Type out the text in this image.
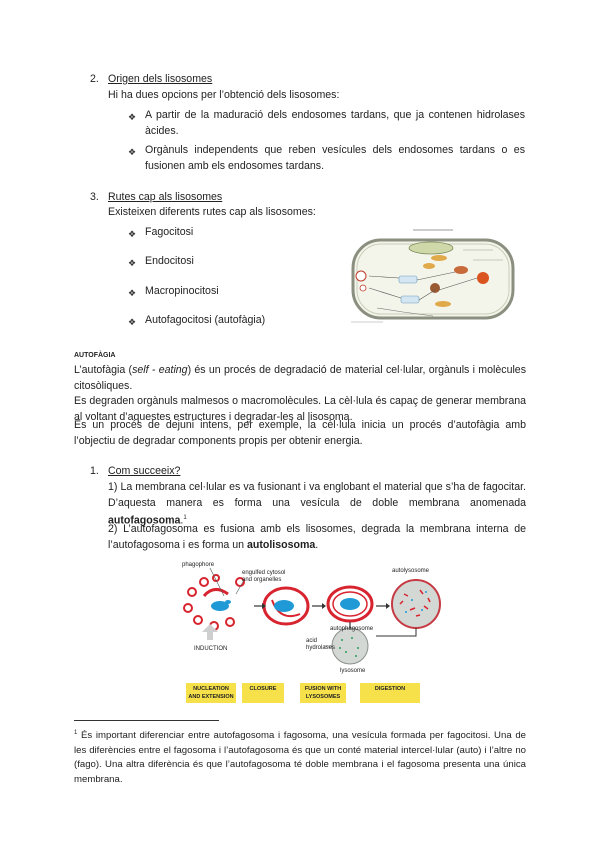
2. Origen dels lisosomes
Hi ha dues opcions per l’obtenció dels lisosomes:
❖ A partir de la maduració dels endosomes tardans, que ja contenen hidrolases àcides.
❖ Orgànuls independents que reben vesícules dels endosomes tardans o es fusionen amb els endosomes tardans.
3. Rutes cap als lisosomes
Existeixen diferents rutes cap als lisosomes:
❖ Fagocitosi
❖ Endocitosi
❖ Macropinocitosi
❖ Autofagocitosi (autofàgia)
AUTOFÀGIA
L’autofàgia (self - eating) és un procés de degradació de material cel·lular, orgànuls i molècules citosòliques.
Es degraden orgànuls malmesos o macromolècules. La cèl·lula és capaç de generar membrana al voltant d’aquestes estructures i degradar-les al lisosoma.
És un procés de dejuni intens, per exemple, la cèl·lula inicia un procés d’autofàgia amb l’objectiu de degradar components propis per obtenir energia.
1. Com succeeix?
1) La membrana cel·lular es va fusionant i va englobant el material que s’ha de fagocitar. D’aquesta manera es forma una vesícula de doble membrana anomenada autofagosoma.$^1$
2) L’autofagosoma es fusiona amb els lisosomes, degrada la membrana interna de l’autofagosoma i es forma un autolisosoma.
phagophore
engulfed cytosol
and organelles
autolysosome
autophagosome
acid
hydrolases
lysosome
INDUCTION
NUCLEATION
AND EXTENSION
CLOSURE	FUSION WITH
LYSOSOMES
DIGESTION
$^1$ És important diferenciar entre autofagosoma i fagosoma, una vesícula formada per fagocitosi. Una de les diferències entre el fagosoma i l’autofagosoma és que un conté material intercel·lular (auto) i l’altre no (fago). Una altra diferència és que l’autofagosoma té doble membrana i el fagosoma presenta una única membrana.
